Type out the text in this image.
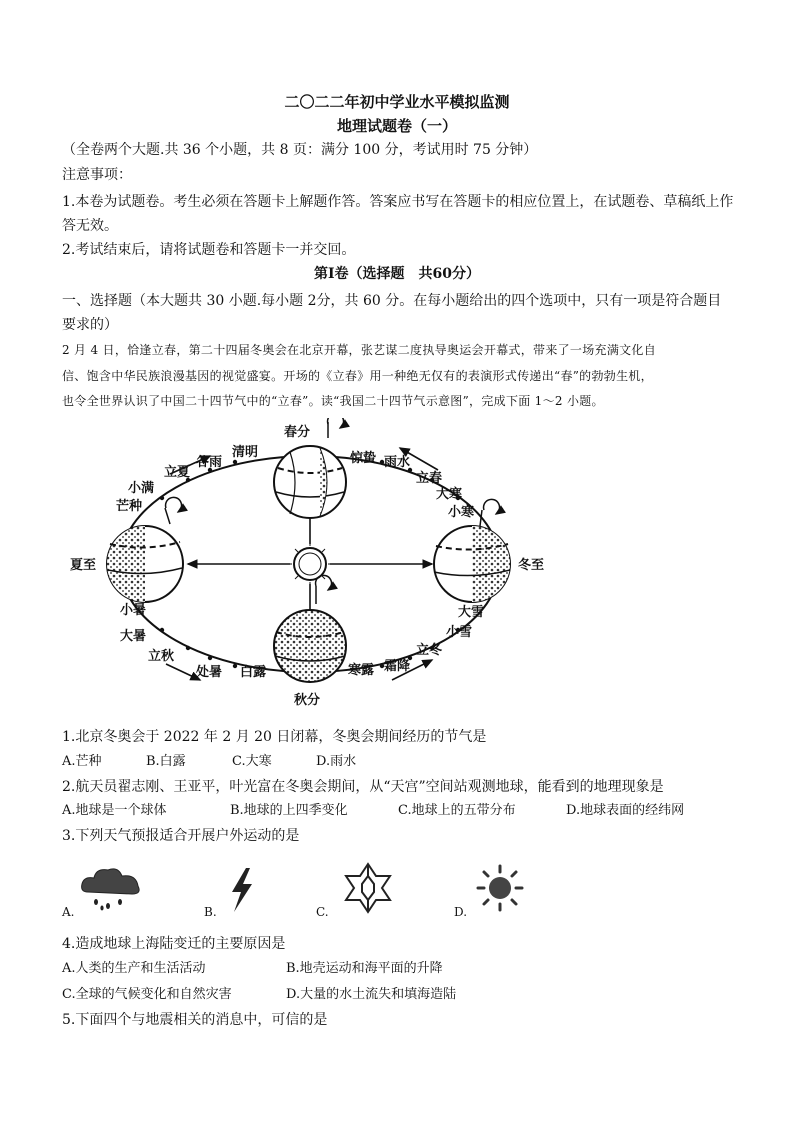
二〇二二年初中学业水平模拟监测
地理试题卷（一）
（全卷两个大题.共 36 个小题，共 8 页：满分 100 分，考试用时 75 分钟）
注意事项：
1.本卷为试题卷。考生必须在答题卡上解题作答。答案应书写在答题卡的相应位置上，在试题卷、草稿纸上作答无效。
2.考试结束后，请将试题卷和答题卡一并交回。
第Ⅰ卷（选择题　共60分）
一、选择题（本大题共 30 小题.每小题 2分，共 60 分。在每小题给出的四个选项中，只有一项是符合题目要求的）
2 月 4 日，恰逢立春，第二十四届冬奥会在北京开幕，张艺谋二度执导奥运会开幕式，带来了一场充满文化自
信、饱含中华民族浪漫基因的视觉盛宴。开场的《立春》用一种绝无仅有的表演形式传递出“春”的勃勃生机，
也令全世界认识了中国二十四节气中的“立春”。读“我国二十四节气示意图”，完成下面 1～2 小题。
春分
清明
谷雨
立夏
小满
芒种
夏至
小暑
大暑
立秋
处暑 白露
秋分
寒露 霜降
立冬
小雪
大雪
冬至
小寒
大寒
立春
雨水
惊蛰
1.北京冬奥会于 2022 年 2 月 20 日闭幕，冬奥会期间经历的节气是
A.芒种	B.白露	C.大寒	D.雨水
2.航天员翟志刚、王亚平，叶光富在冬奥会期间，从“天宫”空间站观测地球，能看到的地理现象是
A.地球是一个球体	B.地球的上四季变化	C.地球上的五带分布	D.地球表面的经纬网
3.下列天气预报适合开展户外运动的是
A.	B.	C.	D.
4.造成地球上海陆变迁的主要原因是
A.人类的生产和生活活动	B.地壳运动和海平面的升降
C.全球的气候变化和自然灾害	D.大量的水土流失和填海造陆
5.下面四个与地震相关的消息中，可信的是
